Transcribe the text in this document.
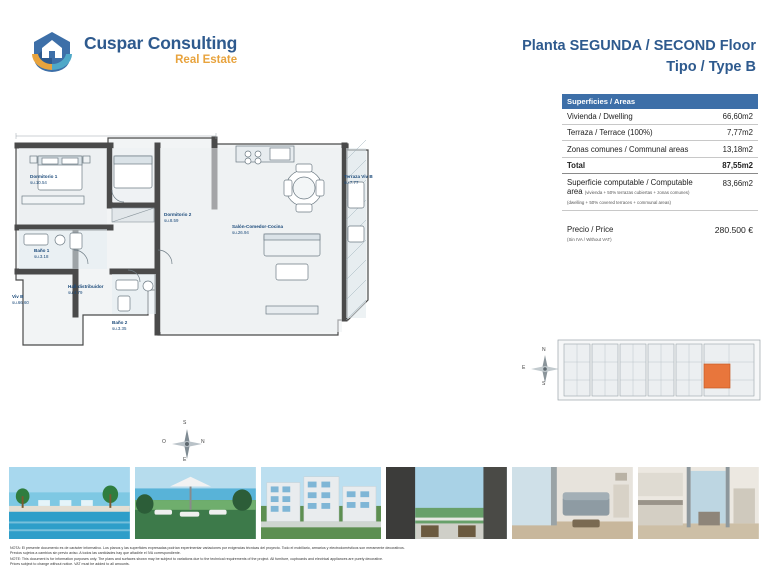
Cuspar Consulting
Real Estate
Planta SEGUNDA / SECOND Floor
Tipo / Type B
Superficies / Areas
Vivienda / Dwelling	66,60m2
Terraza / Terrace (100%)	7,77m2
Zonas comunes / Communal areas	13,18m2
Total	87,55m2
Superficie computable / Computable area (vivienda + 50% terrazas cubiertas + zonas comunes) (dwelling + 50% covered terraces + communal areas)
83,66m2
Precio / Price
(Sin IVA / Without VAT)
280.500 €
Dormitorio 1
su.10.54
Baño 1
su.3.18
Viv B
su.66.60
Hall-distribuidor
su.4.79
Baño 2
su.3.35
Dormitorio 2
su.8.59
Salón-Comedor-Cocina
su.26.94
Terraza Viv B
su.7.77
S
N
O
E
N
S
E
NOTA: El presente documento es de carácter informativo. Los planos y las superficies expresadas podrían experimentar variaciones por exigencias técnicas del proyecto. Todo el mobiliario, armarios y electrodomésticos son meramente decorativos.
Precios sujetos a cambios sin previo aviso. A todos las cantidades hay que añadirle el IVA correspondiente.
NOTE: This document is for information purposes only. The plans and surfaces shown may be subject to variations due to the technical requirements of the project. All furniture, cupboards and electrical appliances are purely decorative.
Prices subject to change without notice. VAT must be added to all amounts.
